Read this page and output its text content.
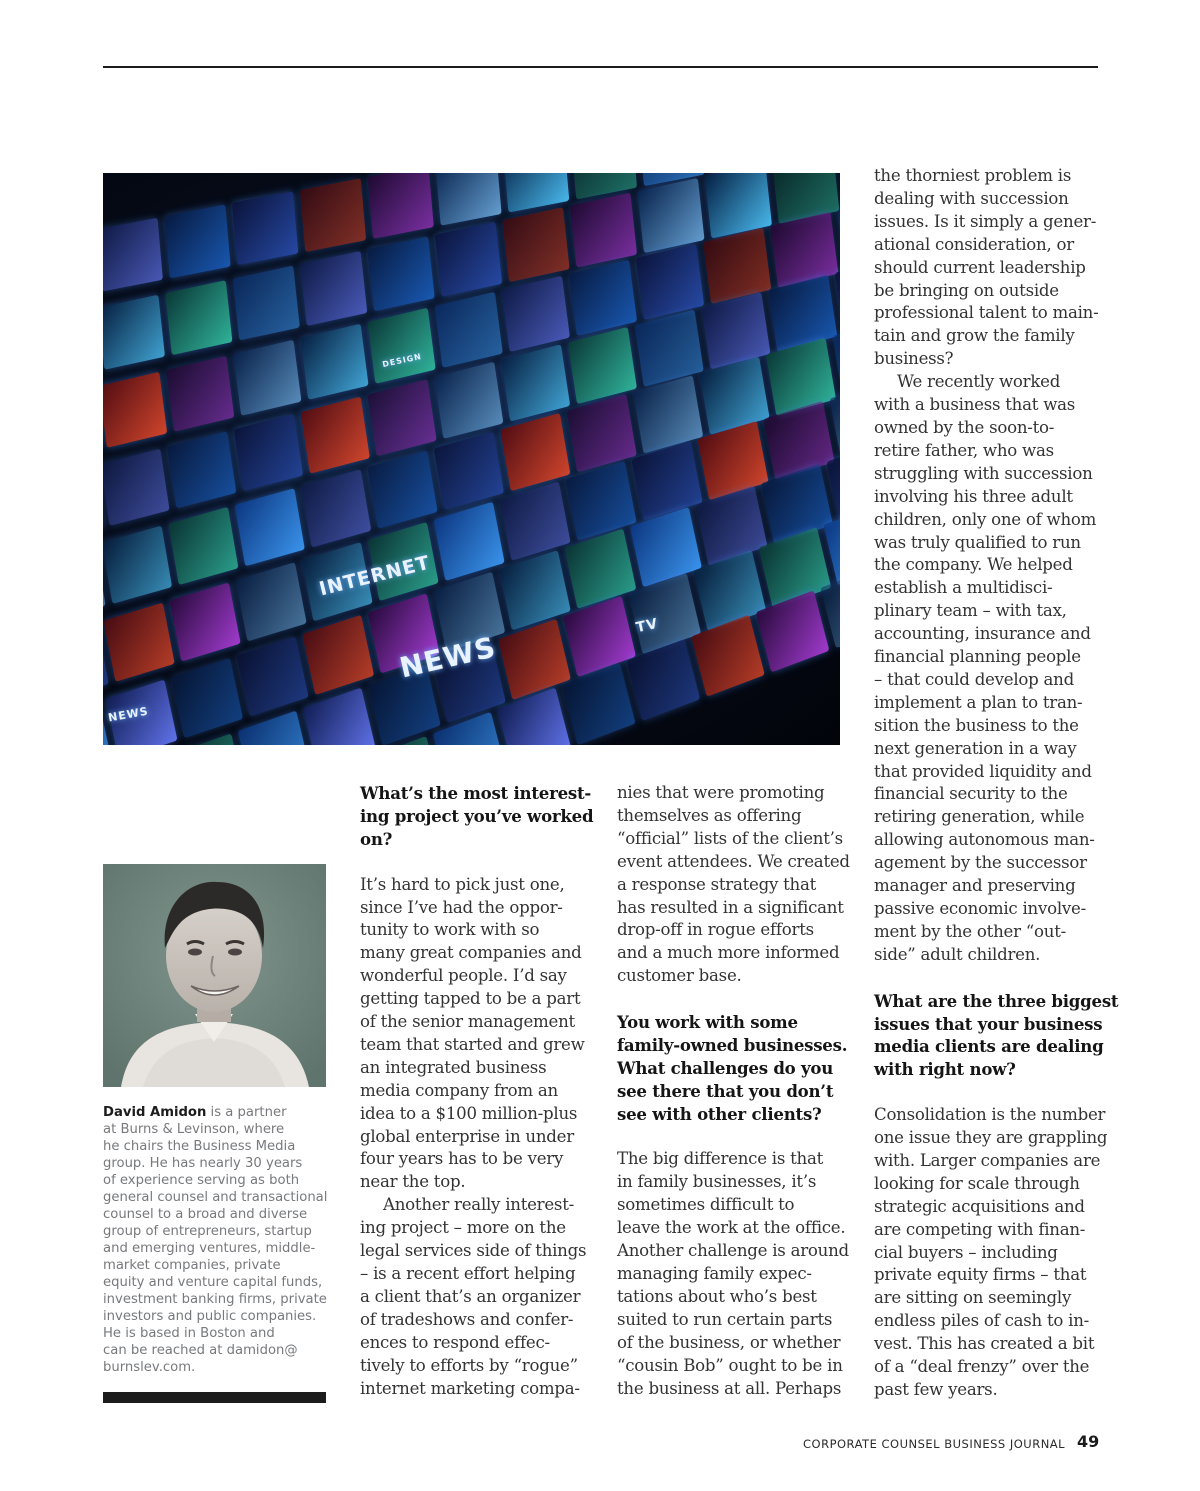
INTERNET
NEWS
TV
NEWS
DESIGN
David Amidon is a partner
at Burns & Levinson, where
he chairs the Business Media
group. He has nearly 30 years
of experience serving as both
general counsel and transactional
counsel to a broad and diverse
group of entrepreneurs, startup
and emerging ventures, middle-
market companies, private
equity and venture capital funds,
investment banking firms, private
investors and public companies.
He is based in Boston and
can be reached at damidon@
burnslev.com.

What’s the most interest-
ing project you’ve worked
on?

It’s hard to pick just one,
since I’ve had the oppor-
tunity to work with so
many great companies and
wonderful people. I’d say
getting tapped to be a part
of the senior management
team that started and grew
an integrated business
media company from an
idea to a $100 million-plus
global enterprise in under
four years has to be very
near the top.

Another really interest-
ing project – more on the
legal services side of things
– is a recent effort helping
a client that’s an organizer
of tradeshows and confer-
ences to respond effec-
tively to efforts by “rogue”
internet marketing compa-

nies that were promoting
themselves as offering
“official” lists of the client’s
event attendees. We created
a response strategy that
has resulted in a significant
drop-off in rogue efforts
and a much more informed
customer base.

You work with some
family-owned businesses.
What challenges do you
see there that you don’t
see with other clients?

The big difference is that
in family businesses, it’s
sometimes difficult to
leave the work at the office.
Another challenge is around
managing family expec-
tations about who’s best
suited to run certain parts
of the business, or whether
“cousin Bob” ought to be in
the business at all. Perhaps

the thorniest problem is
dealing with succession
issues. Is it simply a gener-
ational consideration, or
should current leadership
be bringing on outside
professional talent to main-
tain and grow the family
business?

We recently worked
with a business that was
owned by the soon-to-
retire father, who was
struggling with succession
involving his three adult
children, only one of whom
was truly qualified to run
the company. We helped
establish a multidisci-
plinary team – with tax,
accounting, insurance and
financial planning people
– that could develop and
implement a plan to tran-
sition the business to the
next generation in a way
that provided liquidity and
financial security to the
retiring generation, while
allowing autonomous man-
agement by the successor
manager and preserving
passive economic involve-
ment by the other “out-
side” adult children.

What are the three biggest
issues that your business
media clients are dealing
with right now?

Consolidation is the number
one issue they are grappling
with. Larger companies are
looking for scale through
strategic acquisitions and
are competing with finan-
cial buyers – including
private equity firms – that
are sitting on seemingly
endless piles of cash to in-
vest. This has created a bit
of a “deal frenzy” over the
past few years.

CORPORATE COUNSEL BUSINESS JOURNAL 49
